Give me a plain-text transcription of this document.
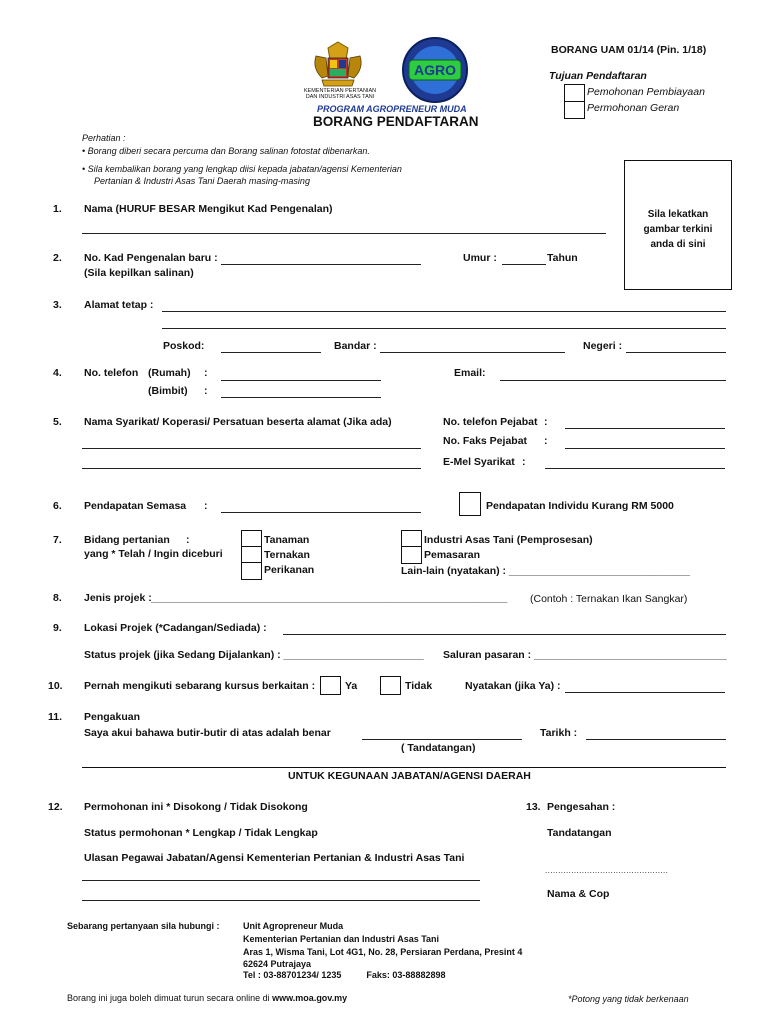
KEMENTERIAN PERTANIAN
DAN INDUSTRI ASAS TANI
AGRO
PROGRAM AGROPRENEUR MUDA
BORANG PENDAFTARAN
BORANG UAM 01/14 (Pin. 1/18)
Tujuan Pendaftaran
Pemohonan Pembiayaan
Permohonan Geran
Perhatian :
• Borang diberi secara percuma dan Borang salinan fotostat dibenarkan.
• Sila kembalikan borang yang lengkap diisi kepada jabatan/agensi Kementerian
Pertanian & Industri Asas Tani Daerah masing-masing
Sila lekatkan
gambar terkini
anda di sini
1. Nama (HURUF BESAR Mengikut Kad Pengenalan)
2. No. Kad Pengenalan baru :
(Sila kepilkan salinan)
Umur :	Tahun
3. Alamat tetap :
Poskod:	Bandar :	Negeri :
4. No. telefon (Rumah) :
(Bimbit) :
Email:
5. Nama Syarikat/ Koperasi/ Persatuan beserta alamat (Jika ada)	No. telefon Pejabat :
No. Faks Pejabat :
E-Mel Syarikat :
6. Pendapatan Semasa :	Pendapatan Individu Kurang RM 5000
7. Bidang pertanian :
yang * Telah / Ingin diceburi
Tanaman
Ternakan
Perikanan
Industri Asas Tani (Pemprosesan)
Pemasaran
Lain-lain (nyatakan) : _______________________________
8. Jenis projek : _____________________________________________________________ (Contoh : Ternakan Ikan Sangkar)
9. Lokasi Projek (*Cadangan/Sediada) :
Status projek (jika Sedang Dijalankan) : ________________________ Saluran pasaran : _________________________________
10. Pernah mengikuti sebarang kursus berkaitan :	Ya	Tidak	Nyatakan (jika Ya) :
11. Pengakuan
Saya akui bahawa butir-butir di atas adalah benar
( Tandatangan)
Tarikh :
UNTUK KEGUNAAN JABATAN/AGENSI DAERAH
12. Permohonan ini * Disokong / Tidak Disokong
Status permohonan * Lengkap / Tidak Lengkap
Ulasan Pegawai Jabatan/Agensi Kementerian Pertanian & Industri Asas Tani
13. Pengesahan :
Tandatangan
...............................................
Nama & Cop
Sebarang pertanyaan sila hubungi :	Unit Agropreneur Muda
Kementerian Pertanian dan Industri Asas Tani
Aras 1, Wisma Tani, Lot 4G1, No. 28, Persiaran Perdana, Presint 4
62624 Putrajaya
Tel : 03-88701234/ 1235          Faks: 03-88882898
Borang ini juga boleh dimuat turun secara online di www.moa.gov.my	*Potong yang tidak berkenaan
